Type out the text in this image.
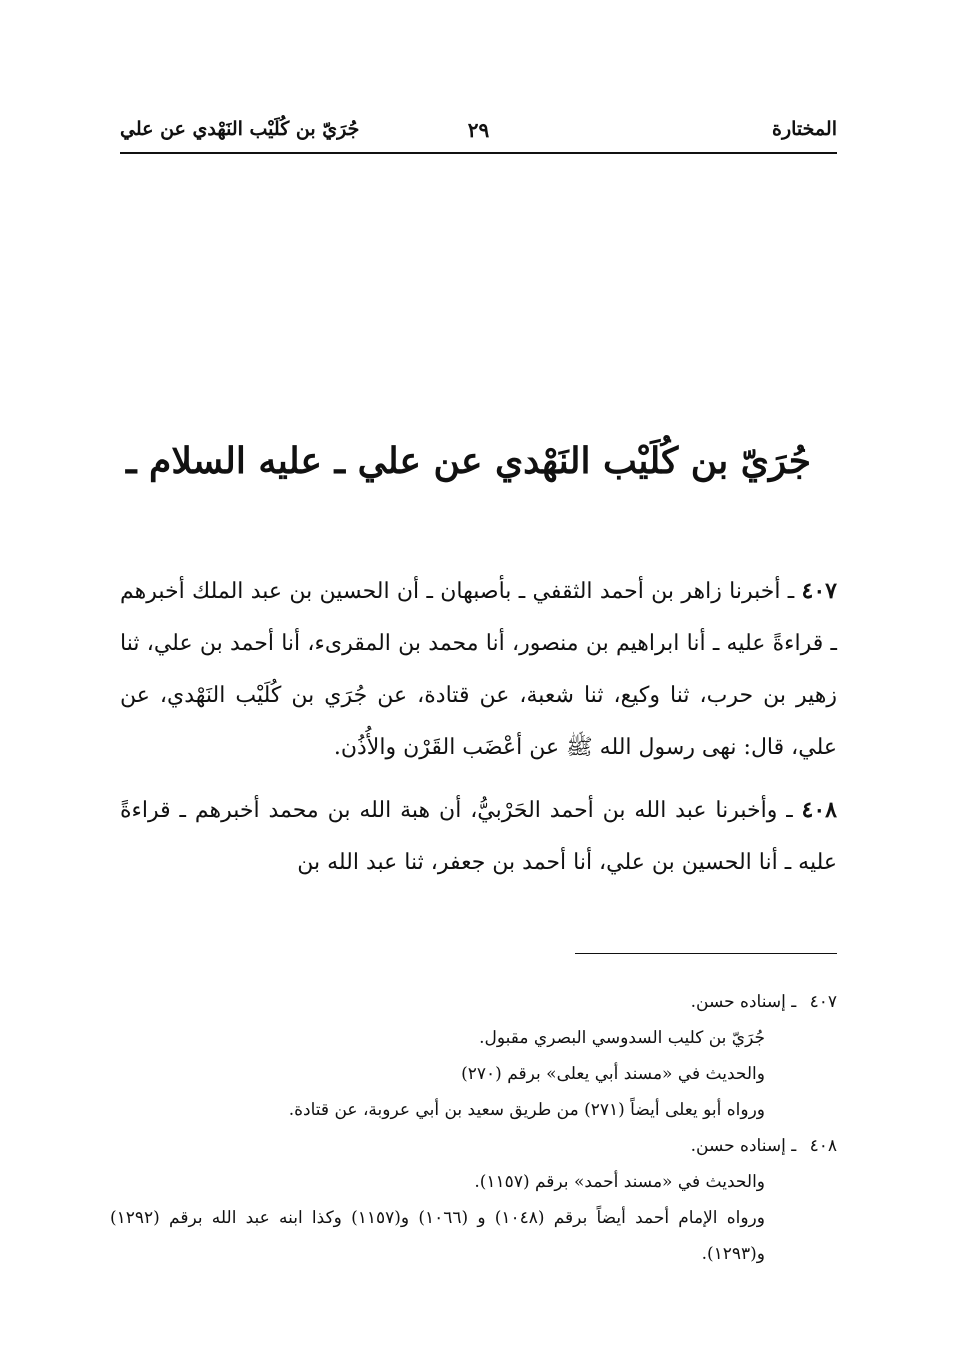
المختارة
٢٩
جُرَيّ بن كُلَيْب النَهْدي عن علي
جُرَيّ بن كُلَيْب النَهْدي عن علي ـ عليه السلام ـ

٤٠٧ ـ أخبرنا زاهر بن أحمد الثقفي ـ بأصبهان ـ أن الحسين بن عبد الملك أخبرهم ـ قراءةً عليه ـ أنا ابراهيم بن منصور، أنا محمد بن المقرىء، أنا أحمد بن علي، ثنا زهير بن حرب، ثنا وكيع، ثنا شعبة، عن قتادة، عن جُرَي بن كُلَيْب النَهْدي، عن علي، قال: نهى رسول الله ﷺ عن أعْضَب القَرْن والأُذُن.

٤٠٨ ـ وأخبرنا عبد الله بن أحمد الحَرْبيُّ، أن هبة الله بن محمد أخبرهم ـ قراءةً عليه ـ أنا الحسين بن علي، أنا أحمد بن جعفر، ثنا عبد الله بن

٤٠٧ ـ إسناده حسن.
جُرَيّ بن كليب السدوسي البصري مقبول.
والحديث في «مسند أبي يعلى» برقم (٢٧٠)
ورواه أبو يعلى أيضاً (٢٧١) من طريق سعيد بن أبي عروبة، عن قتادة.
٤٠٨ ـ إسناده حسن.
والحديث في «مسند أحمد» برقم (١١٥٧).
ورواه الإمام أحمد أيضاً برقم (١٠٤٨) و (١٠٦٦) و(١١٥٧) وكذا ابنه عبد الله برقم (١٢٩٢) و(١٢٩٣).
